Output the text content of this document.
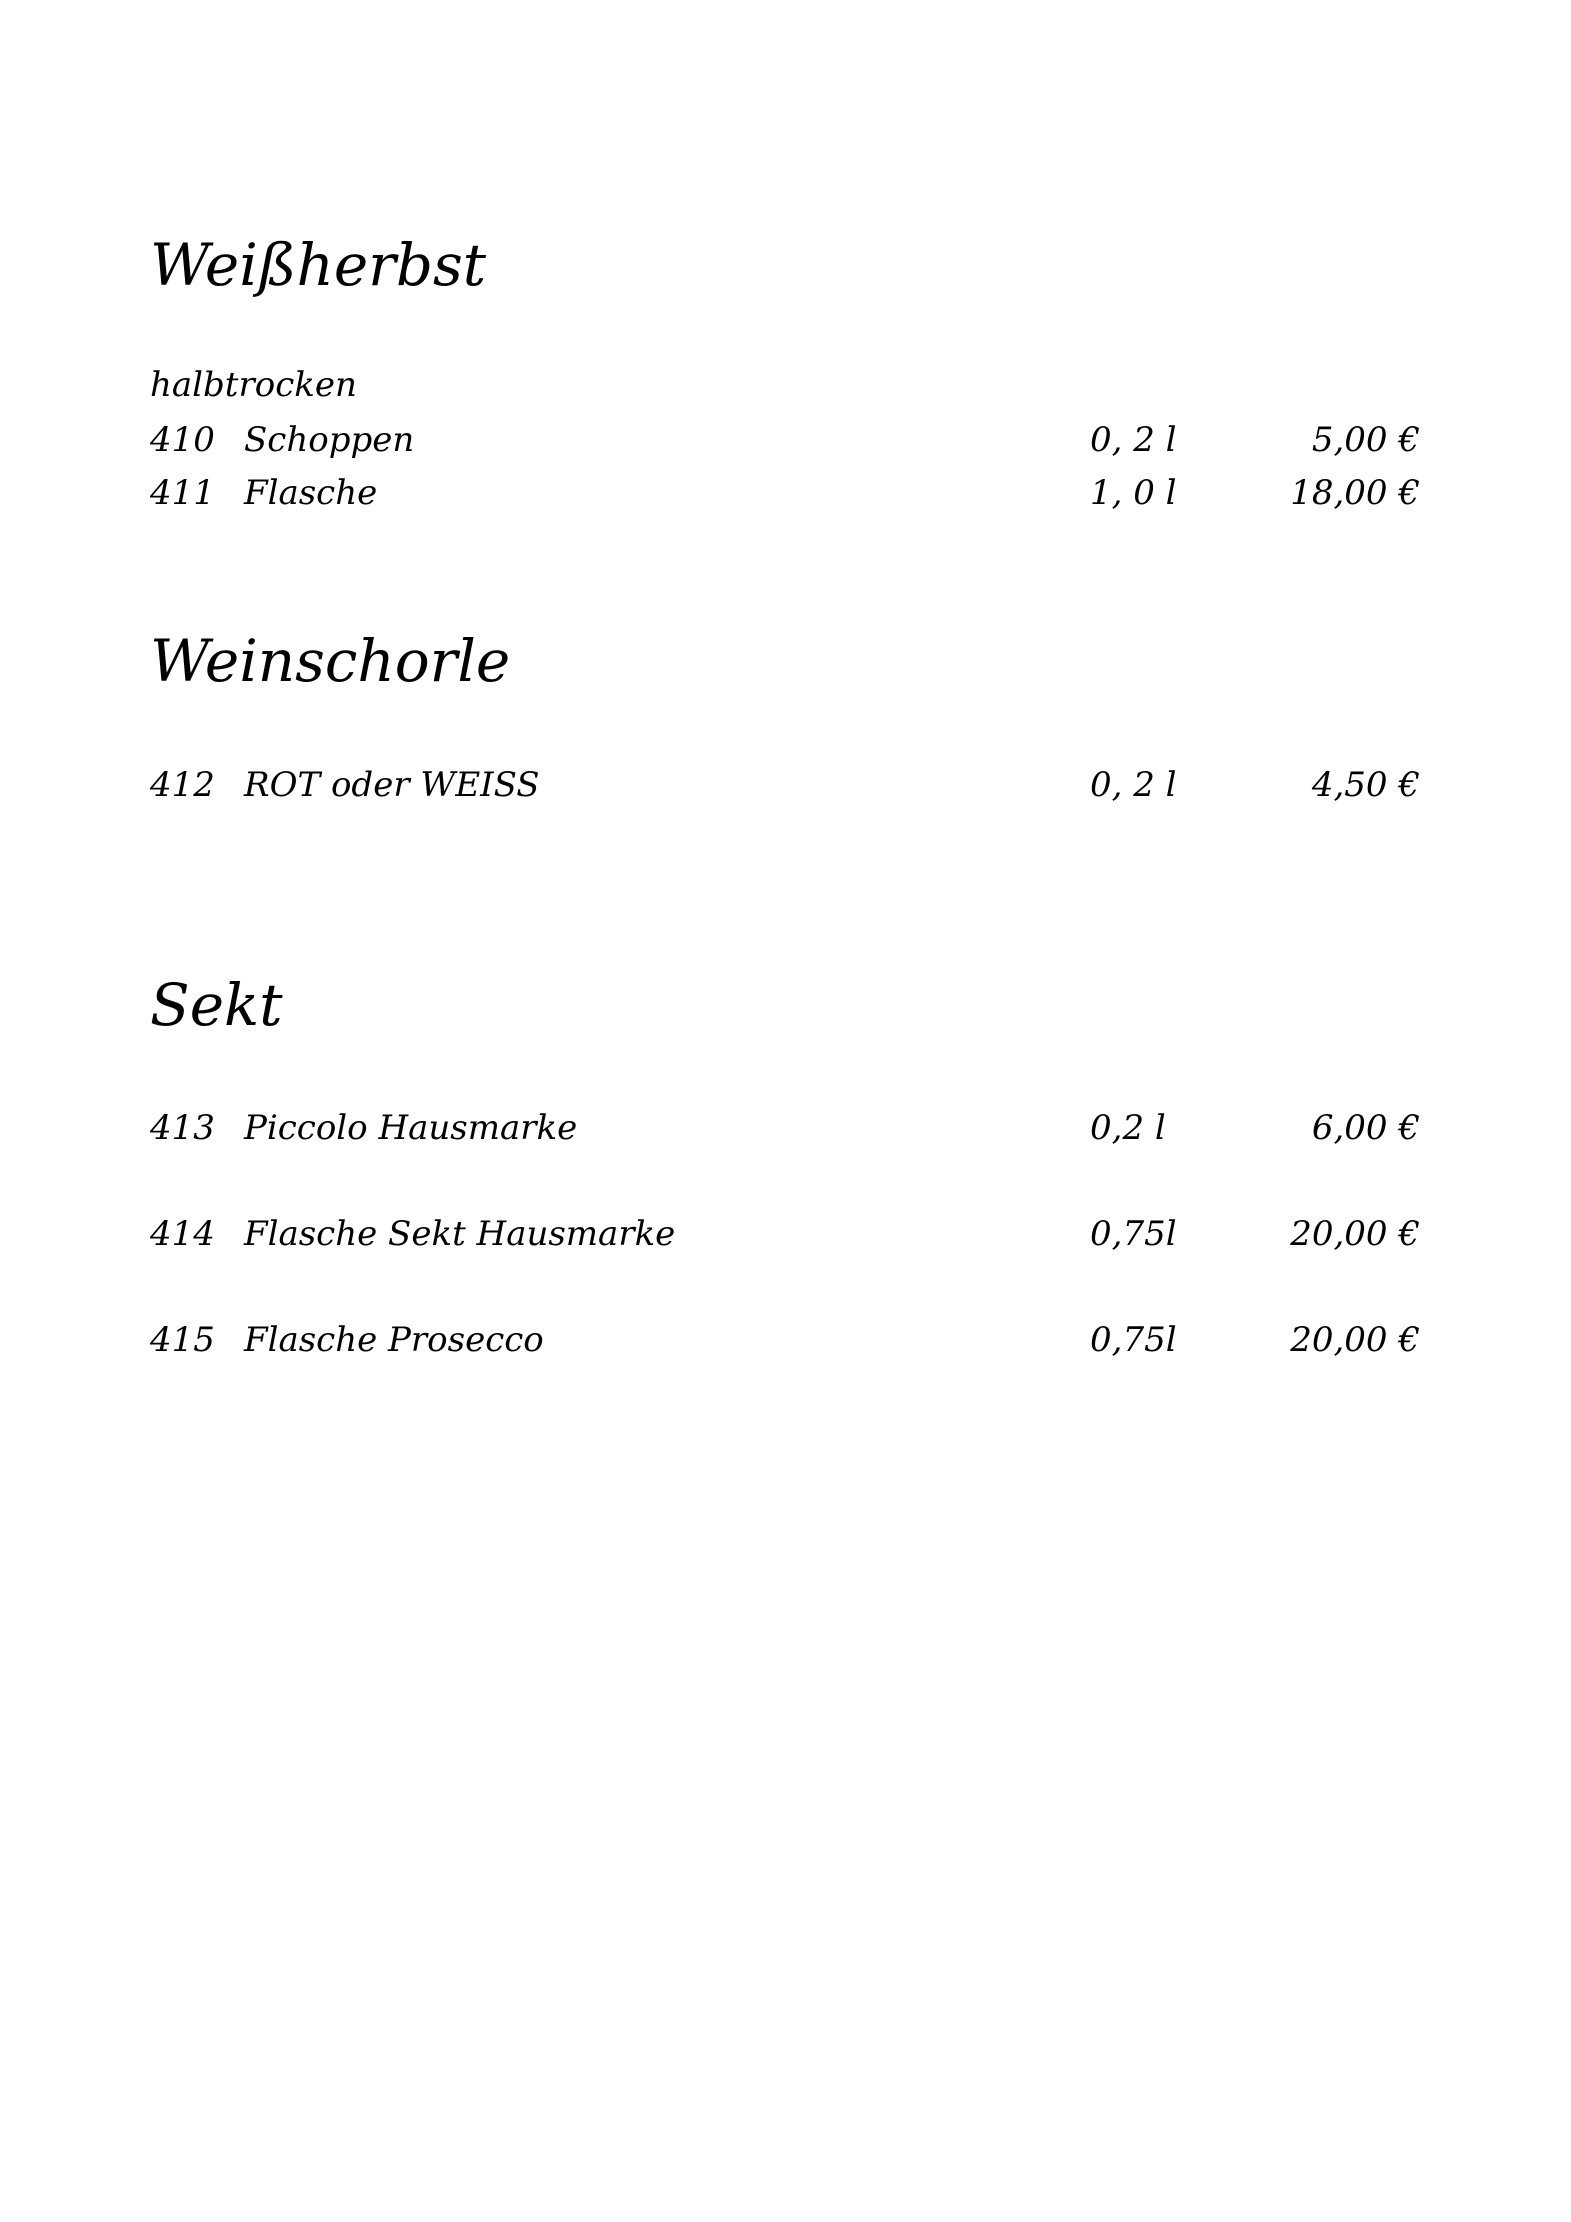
Weißherbst
halbtrocken
410 Schoppen	0, 2 l	5,00 €
411 Flasche	1, 0 l	18,00 €
Weinschorle
412 ROT oder WEISS	0, 2 l	4,50 €
Sekt
413 Piccolo Hausmarke	0,2 l	6,00 €
414 Flasche Sekt Hausmarke	0,75l	20,00 €
415 Flasche Prosecco	0,75l	20,00 €
